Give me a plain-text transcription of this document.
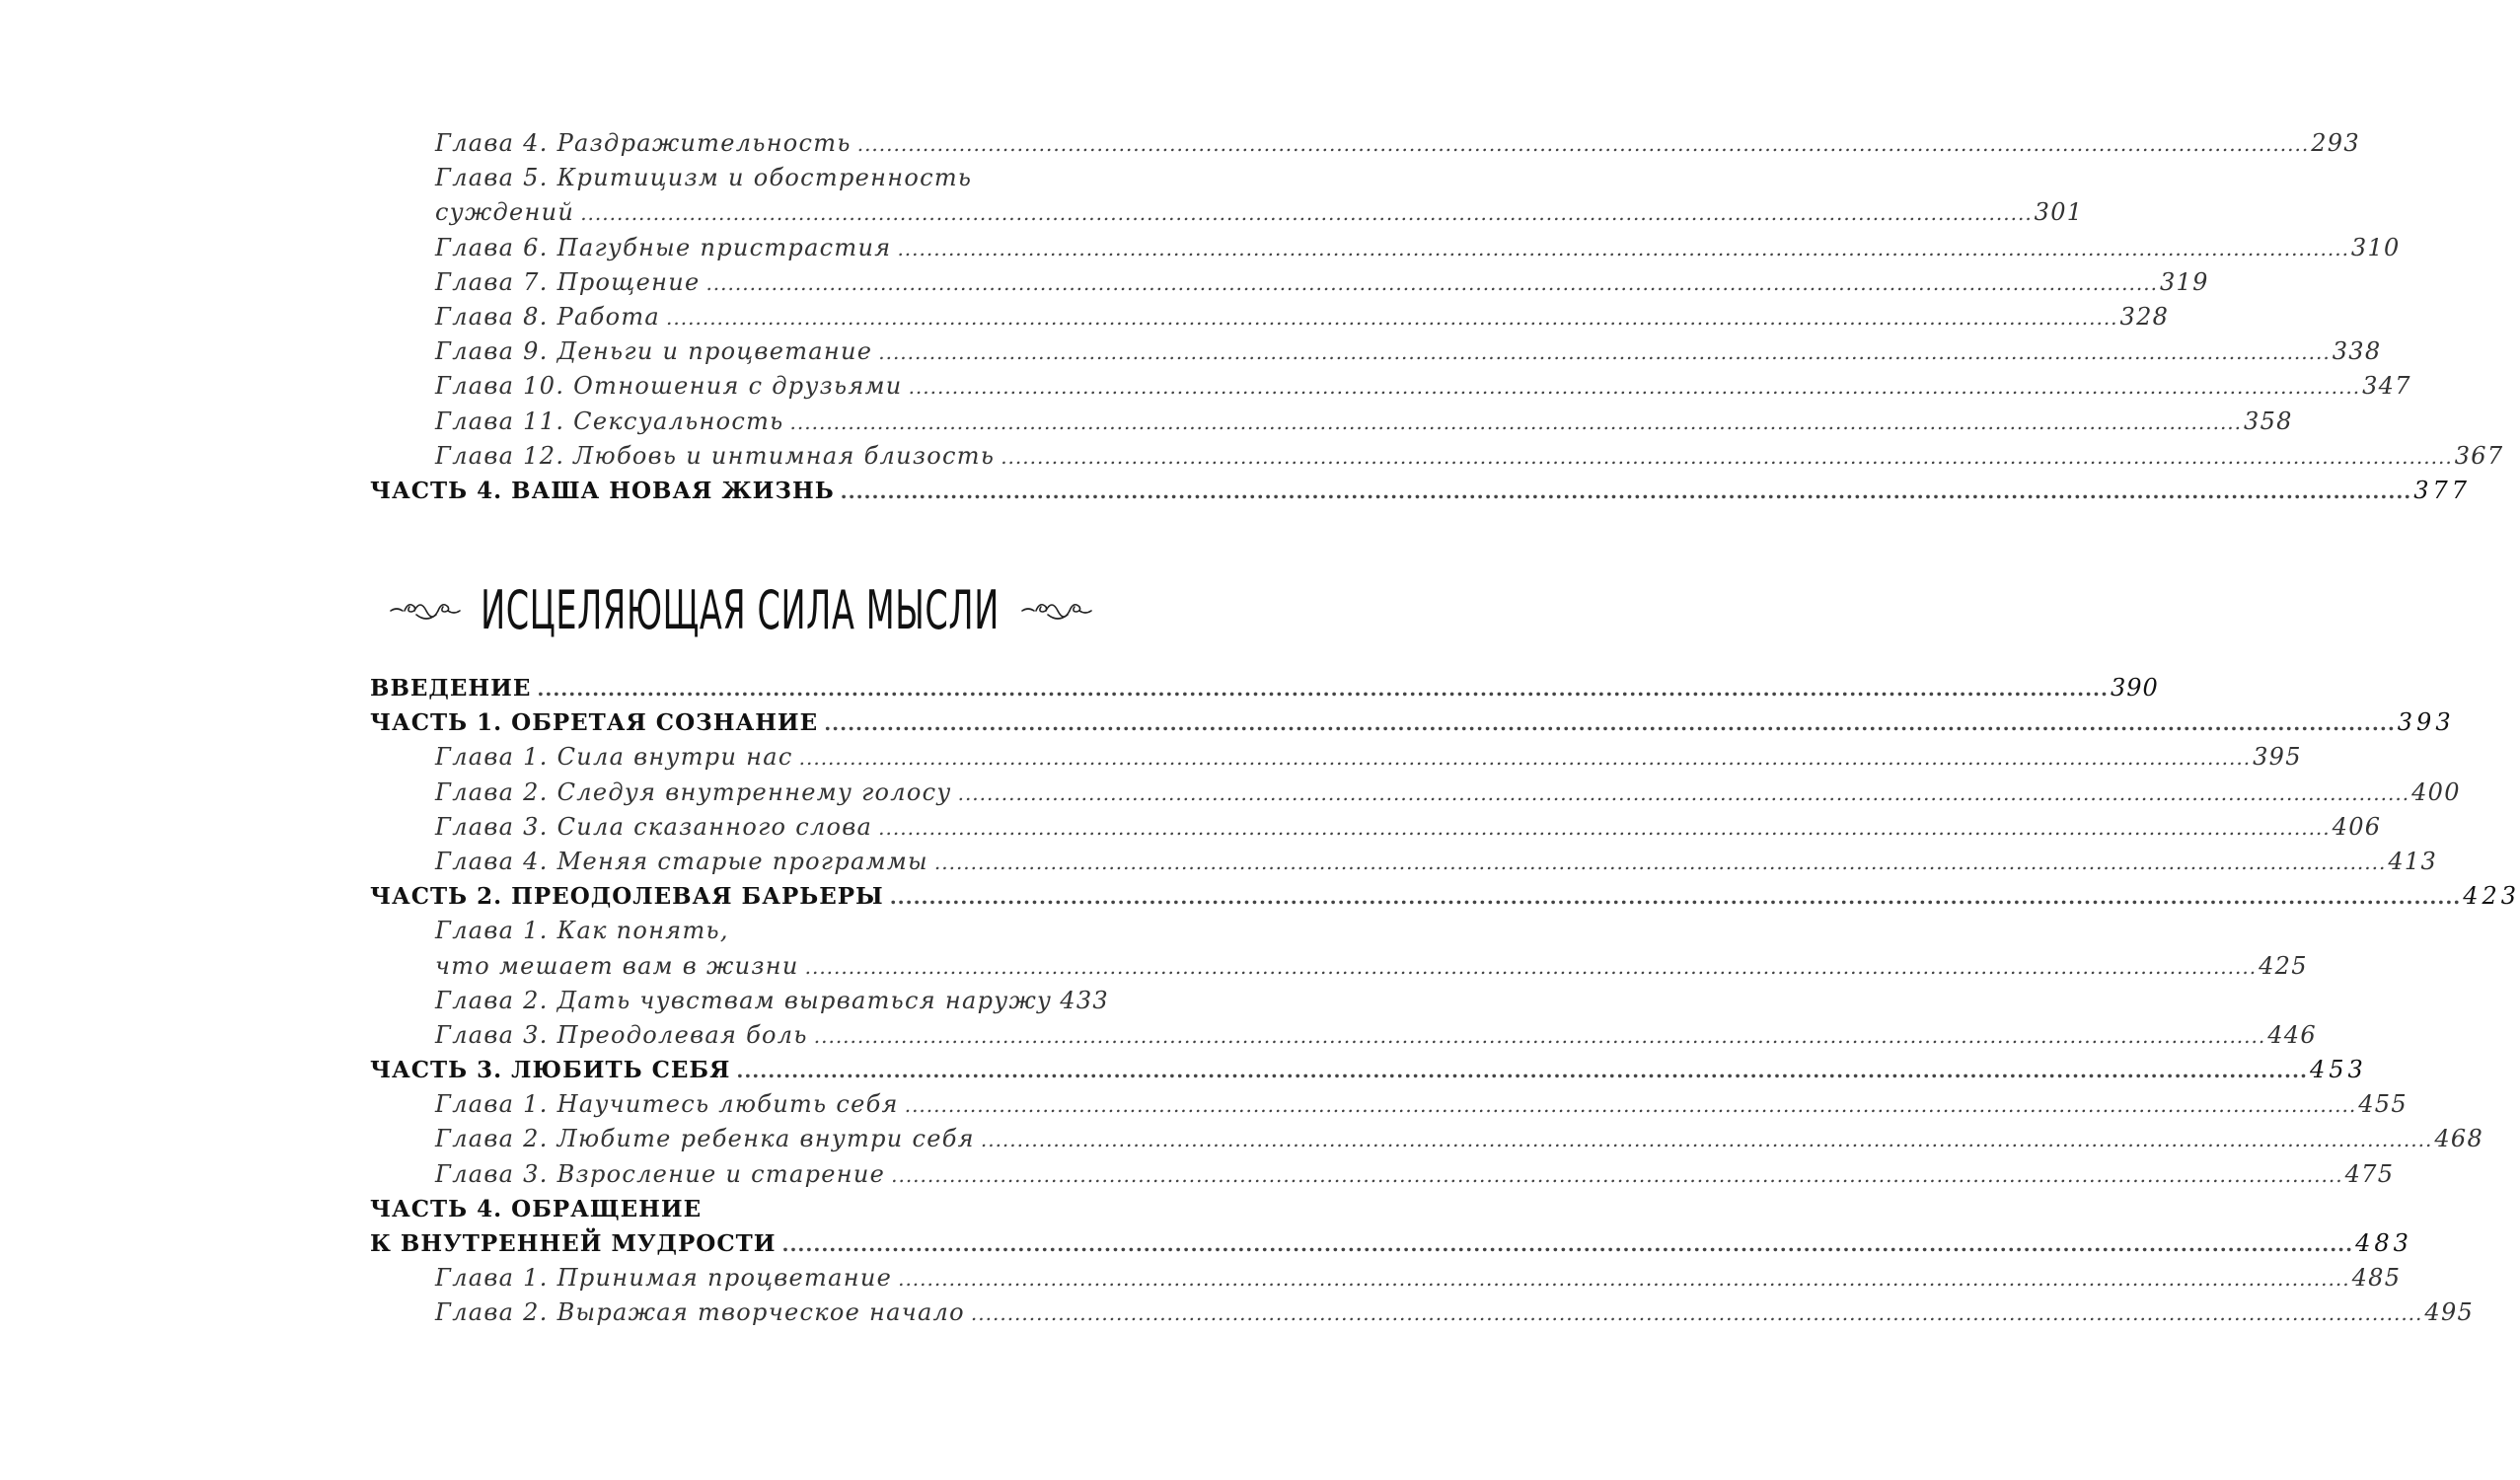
Глава 4. Раздражительность ........................................................................................................................................................................................................ 293
Глава 5. Критицизм и обостренность
суждений ........................................................................................................................................................................................................ 301
Глава 6. Пагубные пристрастия ........................................................................................................................................................................................................ 310
Глава 7. Прощение ........................................................................................................................................................................................................ 319
Глава 8. Работа ........................................................................................................................................................................................................ 328
Глава 9. Деньги и процветание ........................................................................................................................................................................................................ 338
Глава 10. Отношения с друзьями ........................................................................................................................................................................................................ 347
Глава 11. Сексуальность ........................................................................................................................................................................................................ 358
Глава 12. Любовь и интимная близость ........................................................................................................................................................................................................ 367
ЧАСТЬ 4. ВАША НОВАЯ ЖИЗНЬ ........................................................................................................................................................................................................ 377
ИСЦЕЛЯЮЩАЯ СИЛА МЫСЛИ
ВВЕДЕНИЕ ........................................................................................................................................................................................................ 390
ЧАСТЬ 1. ОБРЕТАЯ СОЗНАНИЕ ........................................................................................................................................................................................................ 393
Глава 1. Сила внутри нас ........................................................................................................................................................................................................ 395
Глава 2. Следуя внутреннему голосу ........................................................................................................................................................................................................ 400
Глава 3. Сила сказанного слова ........................................................................................................................................................................................................ 406
Глава 4. Меняя старые программы ........................................................................................................................................................................................................ 413
ЧАСТЬ 2. ПРЕОДОЛЕВАЯ БАРЬЕРЫ ........................................................................................................................................................................................................ 423
Глава 1. Как понять,
что мешает вам в жизни ........................................................................................................................................................................................................ 425
Глава 2. Дать чувствам вырваться наружу 433
Глава 3. Преодолевая боль ........................................................................................................................................................................................................ 446
ЧАСТЬ 3. ЛЮБИТЬ СЕБЯ ........................................................................................................................................................................................................ 453
Глава 1. Научитесь любить себя ........................................................................................................................................................................................................ 455
Глава 2. Любите ребенка внутри себя ........................................................................................................................................................................................................ 468
Глава 3. Взросление и старение ........................................................................................................................................................................................................ 475
ЧАСТЬ 4. ОБРАЩЕНИЕ
К ВНУТРЕННЕЙ МУДРОСТИ ........................................................................................................................................................................................................ 483
Глава 1. Принимая процветание ........................................................................................................................................................................................................ 485
Глава 2. Выражая творческое начало ........................................................................................................................................................................................................ 495
